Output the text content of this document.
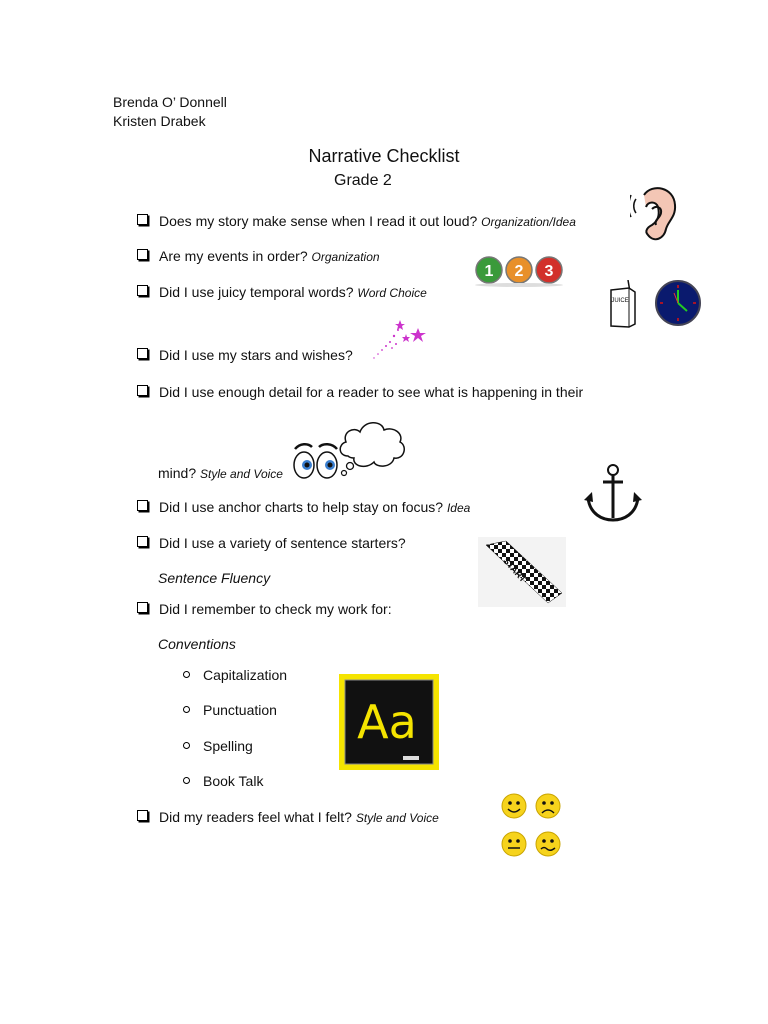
Brenda O’ Donnell
Kristen Drabek
Narrative Checklist
Grade 2
Does my story make sense when I read it out loud? Organization/Idea
Are my events in order? Organization
Did I use juicy temporal words? Word Choice
Did I use my stars and wishes?
Did I use enough detail for a reader to see what is happening in their
mind? Style and Voice
Did I use anchor charts to help stay on focus? Idea
Did I use a variety of sentence starters?
Sentence Fluency
Did I remember to check my work for:
Conventions
Capitalization
Punctuation
Spelling
Book Talk
Did my readers feel what I felt? Style and Voice
1 2 3
JUICE
START
Aa
